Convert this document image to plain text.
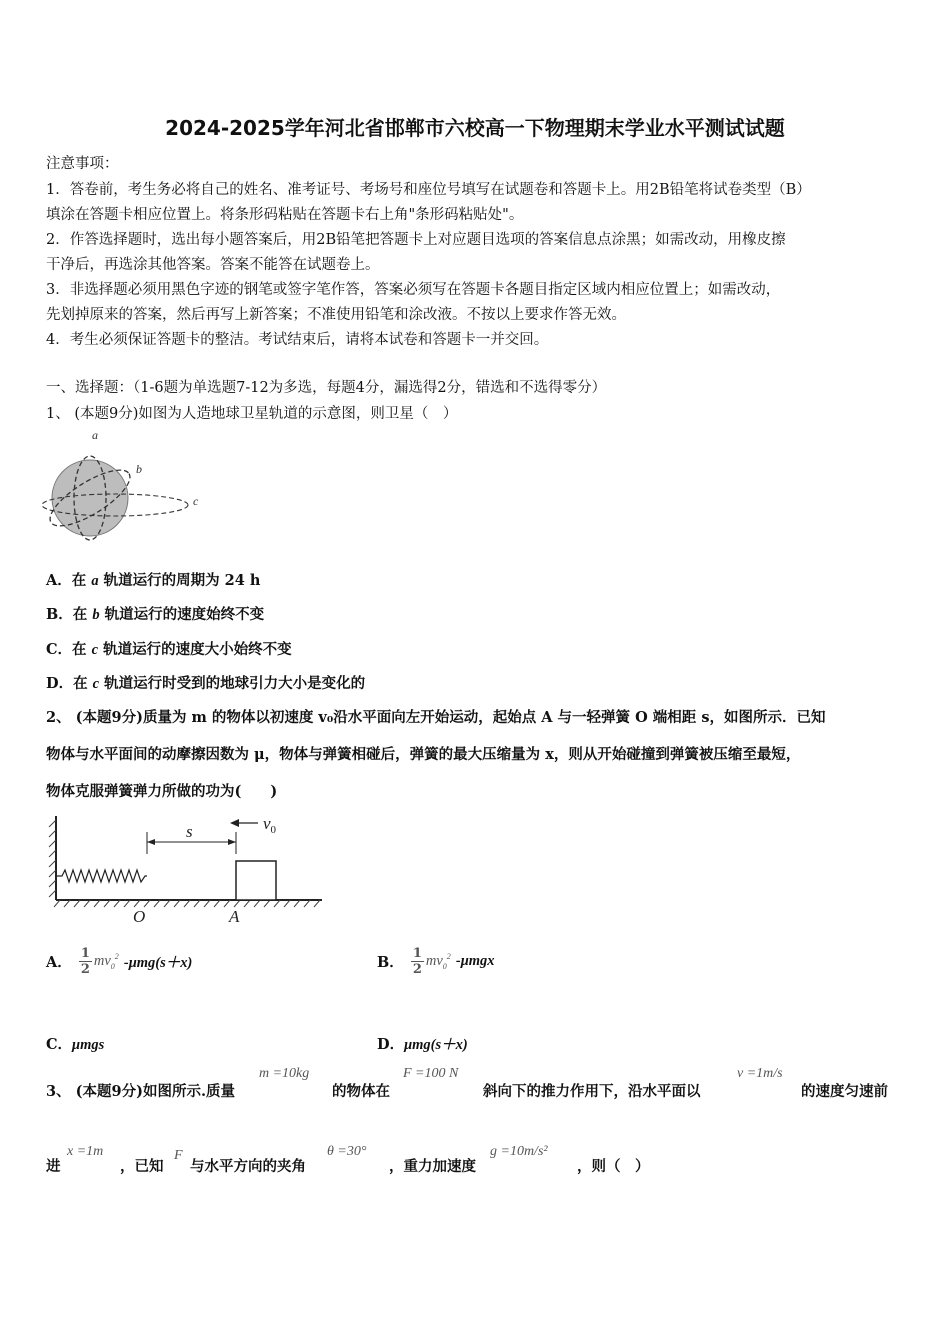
2024-2025学年河北省邯郸市六校高一下物理期末学业水平测试试题
注意事项：
1．答卷前，考生务必将自己的姓名、准考证号、考场号和座位号填写在试题卷和答题卡上。用2B铅笔将试卷类型（B）
填涂在答题卡相应位置上。将条形码粘贴在答题卡右上角"条形码粘贴处"。
2．作答选择题时，选出每小题答案后，用2B铅笔把答题卡上对应题目选项的答案信息点涂黑；如需改动，用橡皮擦
干净后，再选涂其他答案。答案不能答在试题卷上。
3．非选择题必须用黑色字迹的钢笔或签字笔作答，答案必须写在答题卡各题目指定区域内相应位置上；如需改动，
先划掉原来的答案，然后再写上新答案；不准使用铅笔和涂改液。不按以上要求作答无效。
4．考生必须保证答题卡的整洁。考试结束后，请将本试卷和答题卡一并交回。
一、选择题：（1-6题为单选题7-12为多选，每题4分，漏选得2分，错选和不选得零分）
1、 (本题9分)如图为人造地球卫星轨道的示意图，则卫星（　）
a
b
c
A．在 a 轨道运行的周期为 24 h
B．在 b 轨道运行的速度始终不变
C．在 c 轨道运行的速度大小始终不变
D．在 c 轨道运行时受到的地球引力大小是变化的
2、 (本题9分)质量为 m 的物体以初速度 v₀沿水平面向左开始运动，起始点 A 与一轻弹簧 O 端相距 s，如图所示．已知
物体与水平面间的动摩擦因数为 μ，物体与弹簧相碰后，弹簧的最大压缩量为 x，则从开始碰撞到弹簧被压缩至最短，
物体克服弹簧弹力所做的功为(　　)
s	$v_0$
O	A
A． $\frac{1}{2} mv_0^2$ -μmg(s＋x)	B． $\frac{1}{2} mv_0^2$ -μmgx
C．μmgs	D．μmg(s＋x)
3、 (本题9分)如图所示.质量
m =10kg
的物体在
F =100 N
斜向下的推力作用下，沿水平面以
v =1m/s
的速度匀速前
进
x =1m
，已知
F
与水平方向的夹角
θ =30°
，重力加速度
g =10m/s²
，则（　）
